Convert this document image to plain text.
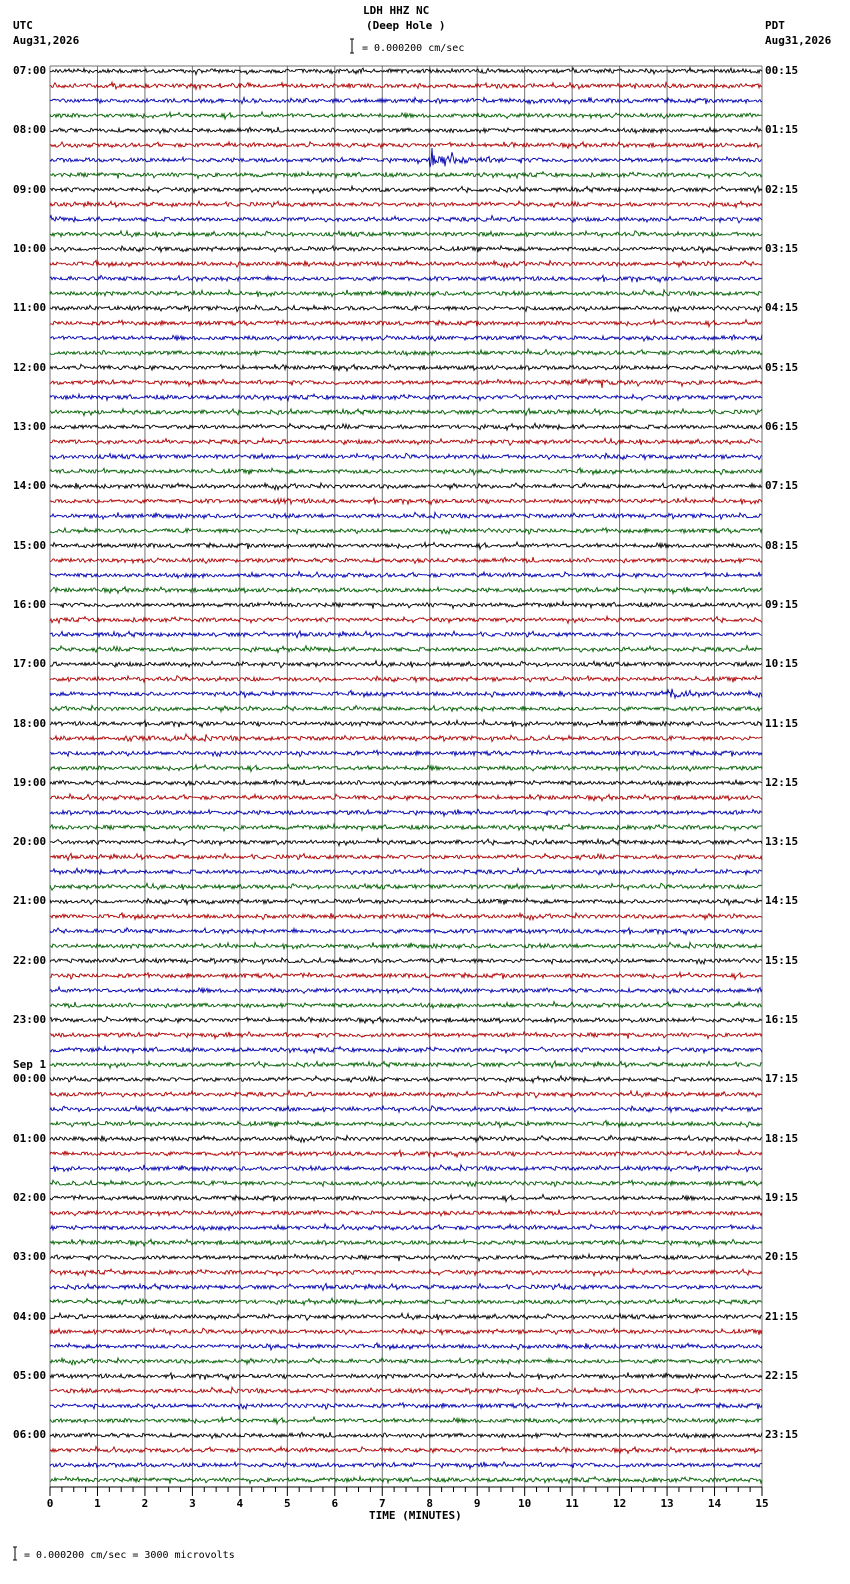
0	1	2	3	4	5	6	7	8	9	10	11	12	13	14	15
LDH HHZ NC
(Deep Hole )
= 0.000200 cm/sec
UTC
Aug31,2026
PDT
Aug31,2026
07:00
08:00
09:00
10:00
11:00
12:00
13:00
14:00
15:00
16:00
17:00
18:00
19:00
20:00
21:00
22:00
23:00
00:00
01:00
02:00
03:00
04:00
05:00
06:00
00:15
01:15
02:15
03:15
04:15
05:15
06:15
07:15
08:15
09:15
10:15
11:15
12:15
13:15
14:15
15:15
16:15
17:15
18:15
19:15
20:15
21:15
22:15
23:15
Sep 1
TIME (MINUTES)
= 0.000200 cm/sec = 3000 microvolts
